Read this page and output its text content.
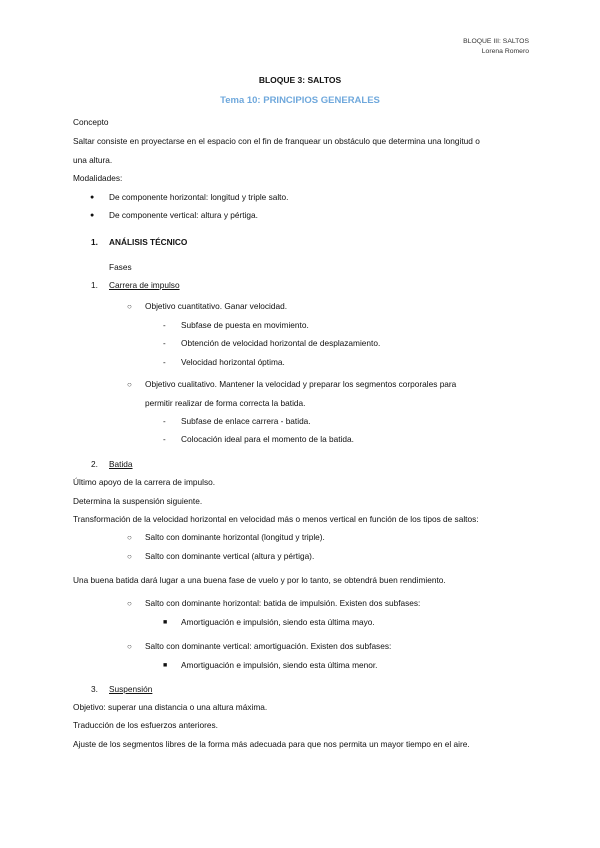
BLOQUE III: SALTOS
Lorena Romero
BLOQUE 3: SALTOS
Tema 10: PRINCIPIOS GENERALES
Concepto
Saltar consiste en proyectarse en el espacio con el fin de franquear un obstáculo que determina una longitud o
una altura.
Modalidades:
● De componente horizontal: longitud y triple salto.
● De componente vertical: altura y pértiga.
1. ANÁLISIS TÉCNICO
Fases
1. Carrera de impulso
○ Objetivo cuantitativo. Ganar velocidad.
- Subfase de puesta en movimiento.
- Obtención de velocidad horizontal de desplazamiento.
- Velocidad horizontal óptima.
○ Objetivo cualitativo. Mantener la velocidad y preparar los segmentos corporales para
permitir realizar de forma correcta la batida.
- Subfase de enlace carrera - batida.
- Colocación ideal para el momento de la batida.
2. Batida
Último apoyo de la carrera de impulso.
Determina la suspensión siguiente.
Transformación de la velocidad horizontal en velocidad más o menos vertical en función de los tipos de saltos:
○ Salto con dominante horizontal (longitud y triple).
○ Salto con dominante vertical (altura y pértiga).
Una buena batida dará lugar a una buena fase de vuelo y por lo tanto, se obtendrá buen rendimiento.
○ Salto con dominante horizontal: batida de impulsión. Existen dos subfases:
■ Amortiguación e impulsión, siendo esta última mayo.
○ Salto con dominante vertical: amortiguación. Existen dos subfases:
■ Amortiguación e impulsión, siendo esta última menor.
3. Suspensión
Objetivo: superar una distancia o una altura máxima.
Traducción de los esfuerzos anteriores.
Ajuste de los segmentos libres de la forma más adecuada para que nos permita un mayor tiempo en el aire.
